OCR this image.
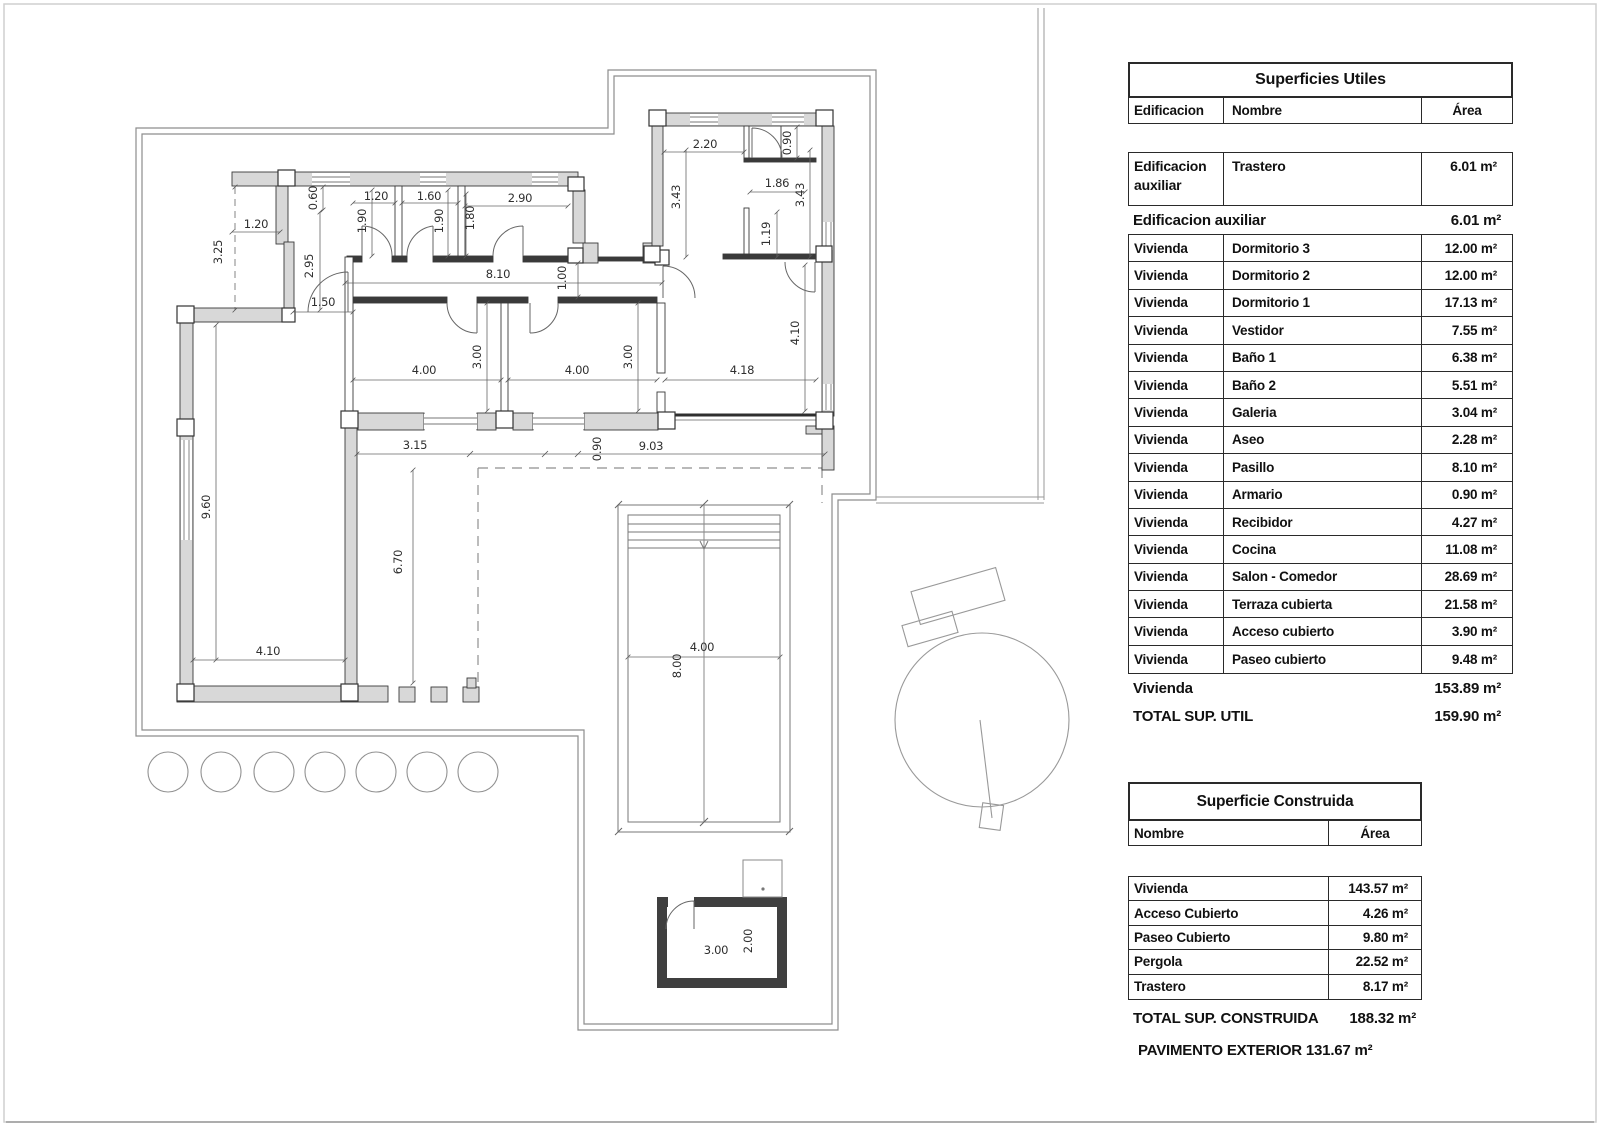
1.20
3.25
0.60
2.95
1.50
1.20
1.90
1.60
1.90
2.90
1.80
8.10	1.00
4.00
3.00
4.00
3.00
4.18
4.10
2.20	0.90
3.43
1.86 3.43
1.19
9.60
4.10
3.15	0.90	9.03
6.70
4.00
8.00
3.00 2.00
Superficies Utiles
Edificacion	Nombre	Área
Edificacion auxiliar
Trastero	6.01 m²
Edificacion auxiliar	6.01 m²
Vivienda	Dormitorio 3	12.00 m²
Vivienda	Dormitorio 2	12.00 m²
Vivienda	Dormitorio 1	17.13 m²
Vivienda	Vestidor	7.55 m²
Vivienda	Baño 1	6.38 m²
Vivienda	Baño 2	5.51 m²
Vivienda	Galeria	3.04 m²
Vivienda	Aseo	2.28 m²
Vivienda	Pasillo	8.10 m²
Vivienda	Armario	0.90 m²
Vivienda	Recibidor	4.27 m²
Vivienda	Cocina	11.08 m²
Vivienda	Salon - Comedor	28.69 m²
Vivienda	Terraza cubierta	21.58 m²
Vivienda	Acceso cubierto	3.90 m²
Vivienda	Paseo cubierto	9.48 m²
Vivienda	153.89 m²
TOTAL SUP. UTIL	159.90 m²
Superficie Construida
Nombre	Área
Vivienda	143.57 m²
Acceso Cubierto	4.26 m²
Paseo Cubierto	9.80 m²
Pergola	22.52 m²
Trastero	8.17 m²
TOTAL SUP. CONSTRUIDA 188.32 m²
PAVIMENTO EXTERIOR 131.67 m²
